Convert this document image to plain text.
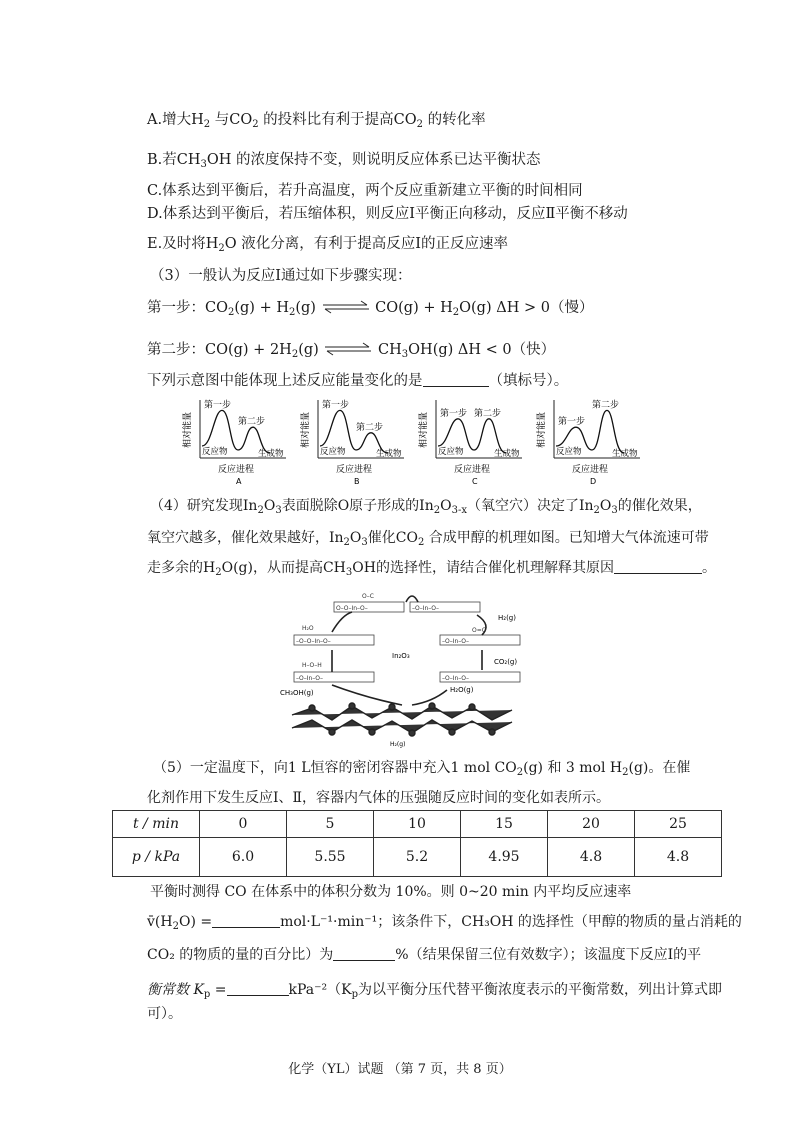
A.增大$H_2$ 与$CO_2$ 的投料比有利于提高$CO_2$ 的转化率
B.若$CH_3OH$ 的浓度保持不变，则说明反应体系已达平衡状态
C.体系达到平衡后，若升高温度，两个反应重新建立平衡的时间相同
D.体系达到平衡后，若压缩体积，则反应Ⅰ平衡正向移动，反应Ⅱ平衡不移动
E.及时将$H_2O$ 液化分离，有利于提高反应Ⅰ的正反应速率
（3）一般认为反应Ⅰ通过如下步骤实现：
第一步：$CO_2(g) + H_2(g)$ ⇌ $CO(g) + H_2O(g) \Delta H > 0$（慢）
第二步：$CO(g) + 2H_2(g)$ ⇌ $CH_3OH(g) \Delta H < 0$（快）
下列示意图中能体现上述反应能量变化的是	（填标号）。
相对能量
第一步
第二步
反应物	生成物
反应进程
A
相对能量
第一步
第二步
反应物	生成物
反应进程
B
相对能量 第一步 第二步
反应物	生成物
反应进程
C
相对能量 第一步
第二步
反应物	生成物
反应进程
D
（4）研究发现$In_2O_3$表面脱除O原子形成的$In_2O_{3-x}$（氧空穴）决定了$In_2O_3$的催化效果，
氧空穴越多，催化效果越好，$In_2O_3$催化$CO_2$ 合成甲醇的机理如图。已知增大气体流速可带
走多余的$H_2O(g)$，从而提高$CH_3OH$的选择性，请结合催化机理解释其原因	。
O–O–In–O–	–O–In–O–
–O–O–In–O–	–O–In–O–
–O–In–O–	–O–In–O–
O–C
O=C
H₂O
H–O–H
In₂O₃
H₂(g)
CO₂(g)
H₂O(g)
CH₃OH(g)
H₂(g)
（5）一定温度下，向1 L恒容的密闭容器中充入1 mol $CO_2(g)$ 和 3 mol $H_2(g)$。在催
化剂作用下发生反应Ⅰ、Ⅱ，容器内气体的压强随反应时间的变化如表所示。
t / min	0	5	10	15	20	25
p / kPa	6.0	5.55	5.2	4.95	4.8	4.8
平衡时测得 CO 在体系中的体积分数为 10%。则 0~20 min 内平均反应速率
$v̄(H_2O)$ =	mol·L⁻¹·min⁻¹；该条件下，CH₃OH 的选择性（甲醇的物质的量占消耗的
CO₂ 的物质的量的百分比）为	%（结果保留三位有效数字）；该温度下反应Ⅰ的平
衡常数 $K_p$ =	$kPa^{-2}(K_p$为以平衡分压代替平衡浓度表示的平衡常数，列出计算式即
可）。
化学（YL）试题 （第 7 页，共 8 页）
